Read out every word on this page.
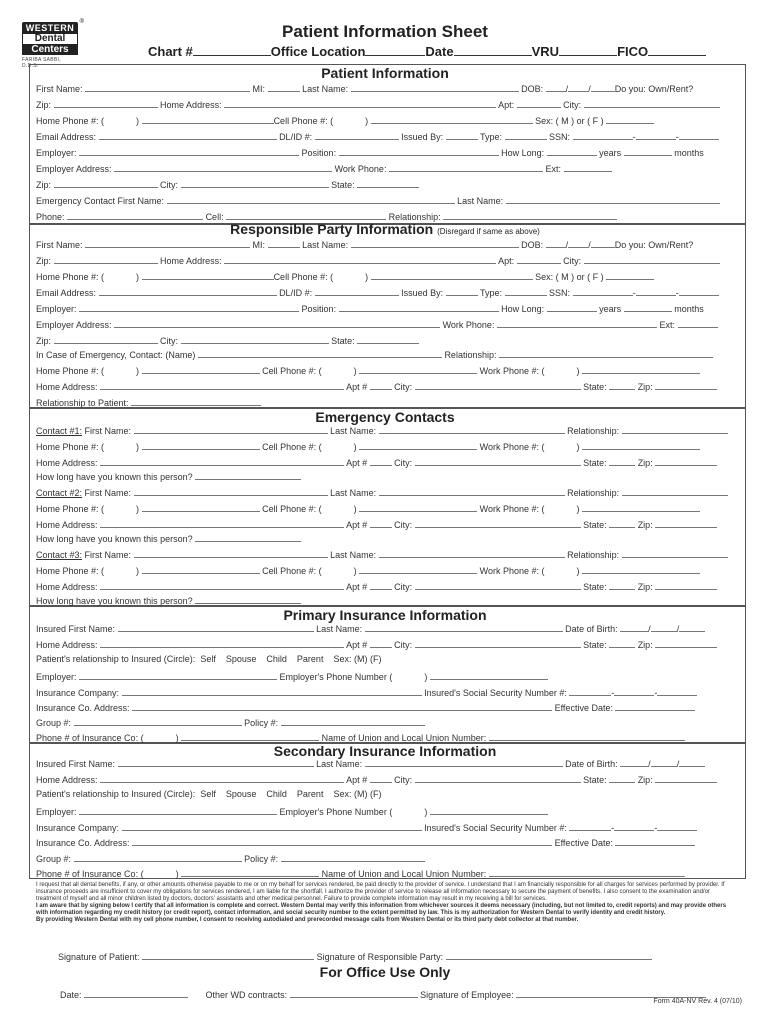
®
WESTERN
Dental
Centers
FARIBA SABBI, D.D.S.
Patient Information Sheet
Chart #	Office Location	Date	VRU	FICO
Patient Information
First Name:	MI:	Last Name:	DOB:	/ /	Do you: Own/Rent?
Zip:	Home Address:	Apt:	City:
Home Phone #: (	)	Cell Phone #: (	)	Sex: ( M ) or ( F )
Email Address:	DL/ID #:	Issued By:	Type:	SSN:	-	-
Employer:	Position:	How Long:	years	months
Employer Address:	Work Phone:	Ext:
Zip:	City:	State:
Emergency Contact First Name:	Last Name:
Phone:	Cell:	Relationship:
Responsible Party Information (Disregard if same as above)
First Name:	MI:	Last Name:	DOB:	/ /	Do you: Own/Rent?
Zip:	Home Address:	Apt:	City:
Home Phone #: (	)	Cell Phone #: (	)	Sex: ( M ) or ( F )
Email Address:	DL/ID #:	Issued By:	Type:	SSN:	-	-
Employer:	Position:	How Long:	years	months
Employer Address:	Work Phone:	Ext:
Zip:	City:	State:
In Case of Emergency, Contact: (Name)	Relationship:
Home Phone #: (	)	Cell Phone #: (	)	Work Phone #: (	)
Home Address:	Apt #	City:	State:	Zip:
Relationship to Patient:
Emergency Contacts
Contact #1: First Name:	Last Name:	Relationship:
Home Phone #: (	)	Cell Phone #: (	)	Work Phone #: (	)
Home Address:	Apt #	City:	State:	Zip:
How long have you known this person?
Contact #2: First Name:	Last Name:	Relationship:
Home Phone #: (	)	Cell Phone #: (	)	Work Phone #: (	)
Home Address:	Apt #	City:	State:	Zip:
How long have you known this person?
Contact #3: First Name:	Last Name:	Relationship:
Home Phone #: (	)	Cell Phone #: (	)	Work Phone #: (	)
Home Address:	Apt #	City:	State:	Zip:
How long have you known this person?
Primary Insurance Information
Insured First Name:	Last Name:	Date of Birth:	/	/
Home Address:	Apt #	City:	State:	Zip:
Patient's relationship to Insured (Circle): Self Spouse Child Parent Sex: (M) (F)
Employer:	Employer's Phone Number (	)
Insurance Company:	Insured's Social Security Number #:	-	-
Insurance Co. Address:	Effective Date:
Group #:	Policy #:
Phone # of Insurance Co: (	)	Name of Union and Local Union Number:
Secondary Insurance Information
Insured First Name:	Last Name:	Date of Birth:	/	/
Home Address:	Apt #	City:	State:	Zip:
Patient's relationship to Insured (Circle): Self Spouse Child Parent Sex: (M) (F)
Employer:	Employer's Phone Number (	)
Insurance Company:	Insured's Social Security Number #:	-	-
Insurance Co. Address:	Effective Date:
Group #:	Policy #:
Phone # of Insurance Co: (	)	Name of Union and Local Union Number:
I request that all dental benefits, if any, or other amounts otherwise payable to me or on my behalf for services rendered, be paid directly to the provider of service. I understand that I am financially responsible for all charges for services performed by provider. If insurance proceeds are insufficient to cover my obligations for services rendered, I am liable for the shortfall. I authorize the provider of service to release all information necessary to secure the payment of benefits. I also consent to the examination and/or treatment of myself and all minor children listed by doctors, doctors' assistants and other medical personnel. Failure to provide complete information may result in my receiving a bill for services.
I am aware that by signing below I certify that all information is complete and correct. Western Dental may verify this information from whichever sources it deems necessary (including, but not limited to, credit reports) and may provide others with information regarding my credit history (or credit report), contact information, and social security number to the extent permitted by law. This is my authorization for Western Dental to verify identity and credit history.
By providing Western Dental with my cell phone number, I consent to receiving autodialed and prerecorded message calls from Western Dental or its third party debt collector at that number.
Signature of Patient:	Signature of Responsible Party:
For Office Use Only
Date:	Other WD contracts:	Signature of Employee:
Form 40A-NV Rev. 4 (07/10)
